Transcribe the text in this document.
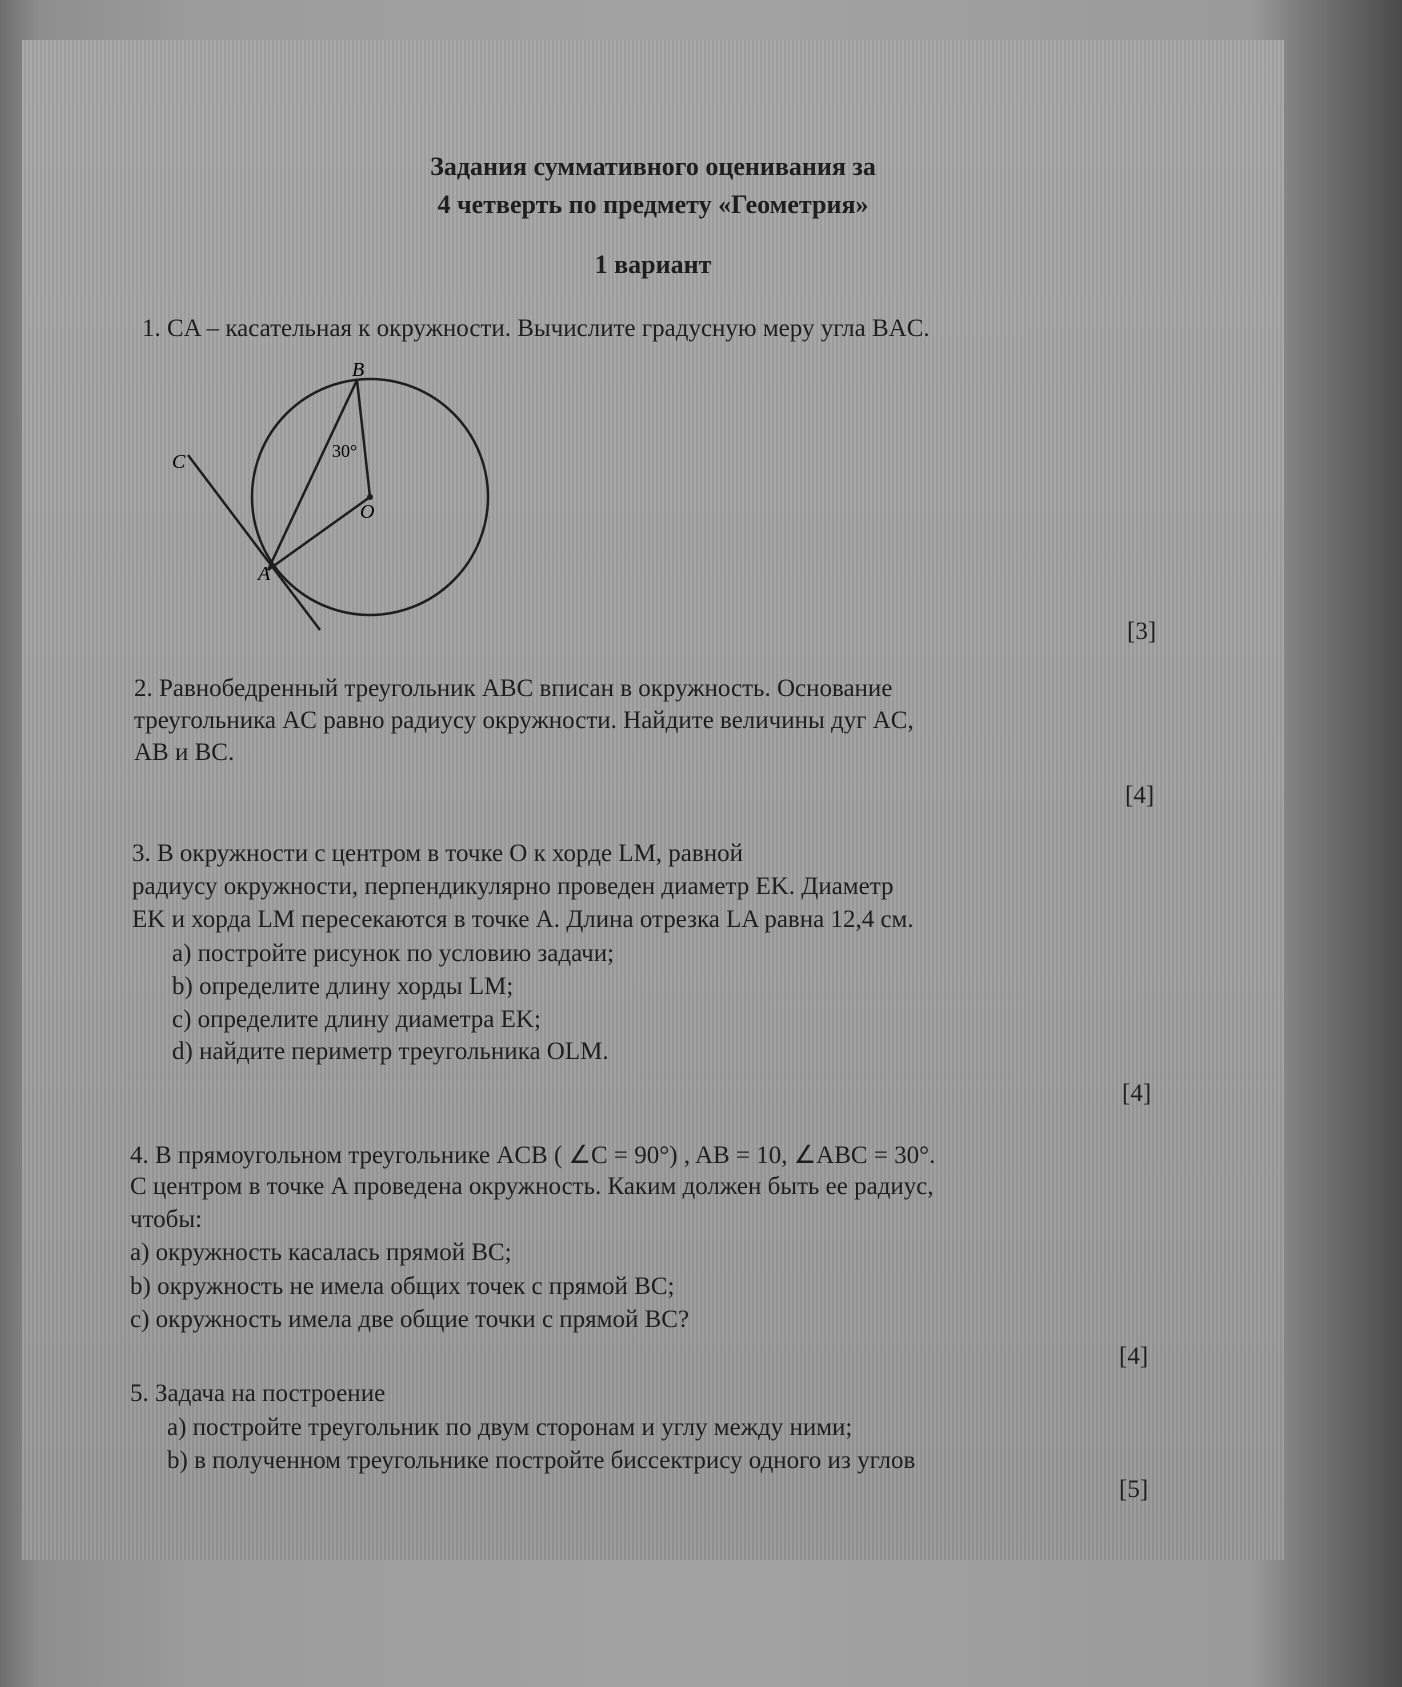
Задания суммативного оценивания за
4 четверть по предмету «Геометрия»
1 вариант
1. CA – касательная к окружности. Вычислите градусную меру угла BAC.
B
C
O
A
30°
[3]
2. Равнобедренный треугольник ABC вписан в окружность. Основание
треугольника AC равно радиусу окружности. Найдите величины дуг AC,
AB и BC.
[4]
3. В окружности с центром в точке O к хорде LM, равной
радиусу окружности, перпендикулярно проведен диаметр EK. Диаметр
EK и хорда LM пересекаются в точке A. Длина отрезка LA равна 12,4 см.
a) постройте рисунок по условию задачи;
b) определите длину хорды LM;
c) определите длину диаметра EK;
d) найдите периметр треугольника OLM.
[4]
4. В прямоугольном треугольнике ACB ( ∠C = 90°) , AB = 10, ∠ABC = 30°.
С центром в точке A проведена окружность. Каким должен быть ее радиус,
чтобы:
a) окружность касалась прямой BC;
b) окружность не имела общих точек с прямой BC;
c) окружность имела две общие точки с прямой BC?
[4]
5. Задача на построение
a) постройте треугольник по двум сторонам и углу между ними;
b) в полученном треугольнике постройте биссектрису одного из углов
[5]
